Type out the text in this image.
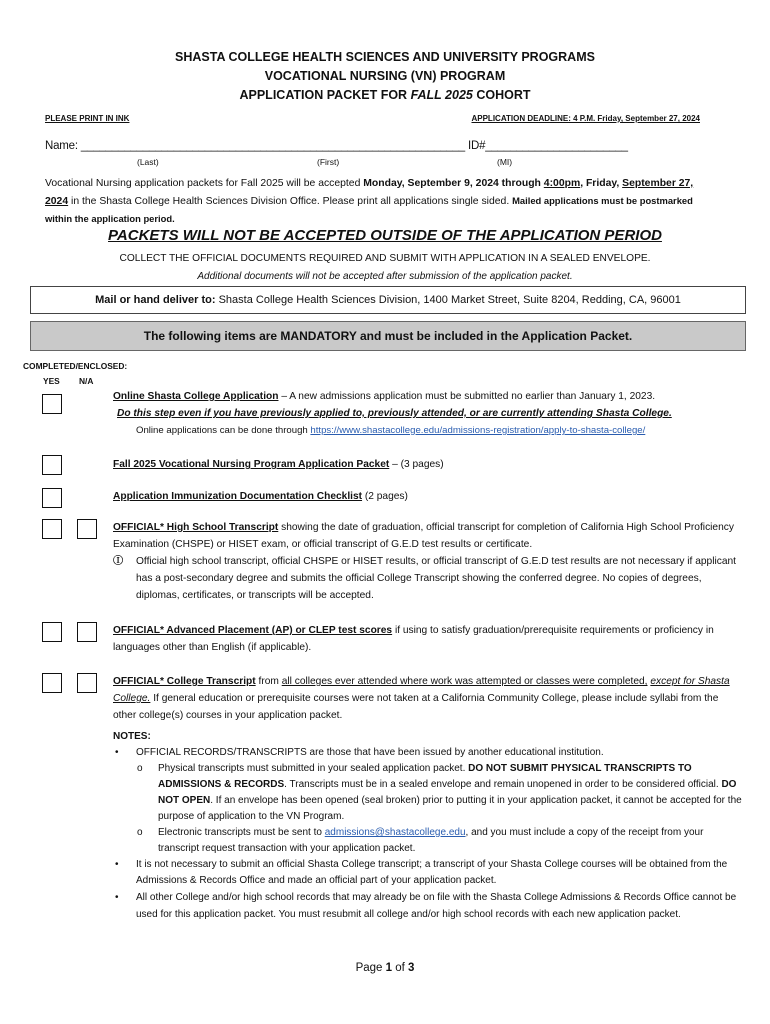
SHASTA COLLEGE HEALTH SCIENCES AND UNIVERSITY PROGRAMS
VOCATIONAL NURSING (VN) PROGRAM
APPLICATION PACKET FOR FALL 2025 COHORT
PLEASE PRINT IN INK	APPLICATION DEADLINE: 4 P.M. Friday, September 27, 2024
Name: ______________________________________________________________ ID#_______________________
(Last)	(First)	(MI)
Vocational Nursing application packets for Fall 2025 will be accepted Monday, September 9, 2024 through 4:00pm, Friday, September 27, 2024 in the Shasta College Health Sciences Division Office. Please print all applications single sided. Mailed applications must be postmarked within the application period.
PACKETS WILL NOT BE ACCEPTED OUTSIDE OF THE APPLICATION PERIOD
COLLECT THE OFFICIAL DOCUMENTS REQUIRED AND SUBMIT WITH APPLICATION IN A SEALED ENVELOPE.
Additional documents will not be accepted after submission of the application packet.
Mail or hand deliver to: Shasta College Health Sciences Division, 1400 Market Street, Suite 8204, Redding, CA, 96001
The following items are MANDATORY and must be included in the Application Packet.
COMPLETED/ENCLOSED:
YES N/A
Online Shasta College Application – A new admissions application must be submitted no earlier than January 1, 2023.
Do this step even if you have previously applied to, previously attended, or are currently attending Shasta College.
Online applications can be done through https://www.shastacollege.edu/admissions-registration/apply-to-shasta-college/
Fall 2025 Vocational Nursing Program Application Packet – (3 pages)
Application Immunization Documentation Checklist (2 pages)
OFFICIAL* High School Transcript showing the date of graduation, official transcript for completion of California High School Proficiency Examination (CHSPE) or HISET exam, or official transcript of G.E.D test results or certificate.
Ⓘ Official high school transcript, official CHSPE or HISET results, or official transcript of G.E.D test results are not necessary if applicant has a post-secondary degree and submits the official College Transcript showing the conferred degree. No copies of degrees, diplomas, certificates, or transcripts will be accepted.
OFFICIAL* Advanced Placement (AP) or CLEP test scores if using to satisfy graduation/prerequisite requirements or proficiency in languages other than English (if applicable).
OFFICIAL* College Transcript from all colleges ever attended where work was attempted or classes were completed, except for Shasta College. If general education or prerequisite courses were not taken at a California Community College, please include syllabi from the other college(s) courses in your application packet.
NOTES:
• OFFICIAL RECORDS/TRANSCRIPTS are those that have been issued by another educational institution.
o Physical transcripts must submitted in your sealed application packet. DO NOT SUBMIT PHYSICAL TRANSCRIPTS TO ADMISSIONS & RECORDS. Transcripts must be in a sealed envelope and remain unopened in order to be considered official. DO NOT OPEN. If an envelope has been opened (seal broken) prior to putting it in your application packet, it cannot be accepted for the purpose of application to the VN Program.
o Electronic transcripts must be sent to admissions@shastacollege.edu, and you must include a copy of the receipt from your transcript request transaction with your application packet.
• It is not necessary to submit an official Shasta College transcript; a transcript of your Shasta College courses will be obtained from the Admissions & Records Office and made an official part of your application packet.
• All other College and/or high school records that may already be on file with the Shasta College Admissions & Records Office cannot be used for this application packet. You must resubmit all college and/or high school records with each new application packet.
Page 1 of 3
